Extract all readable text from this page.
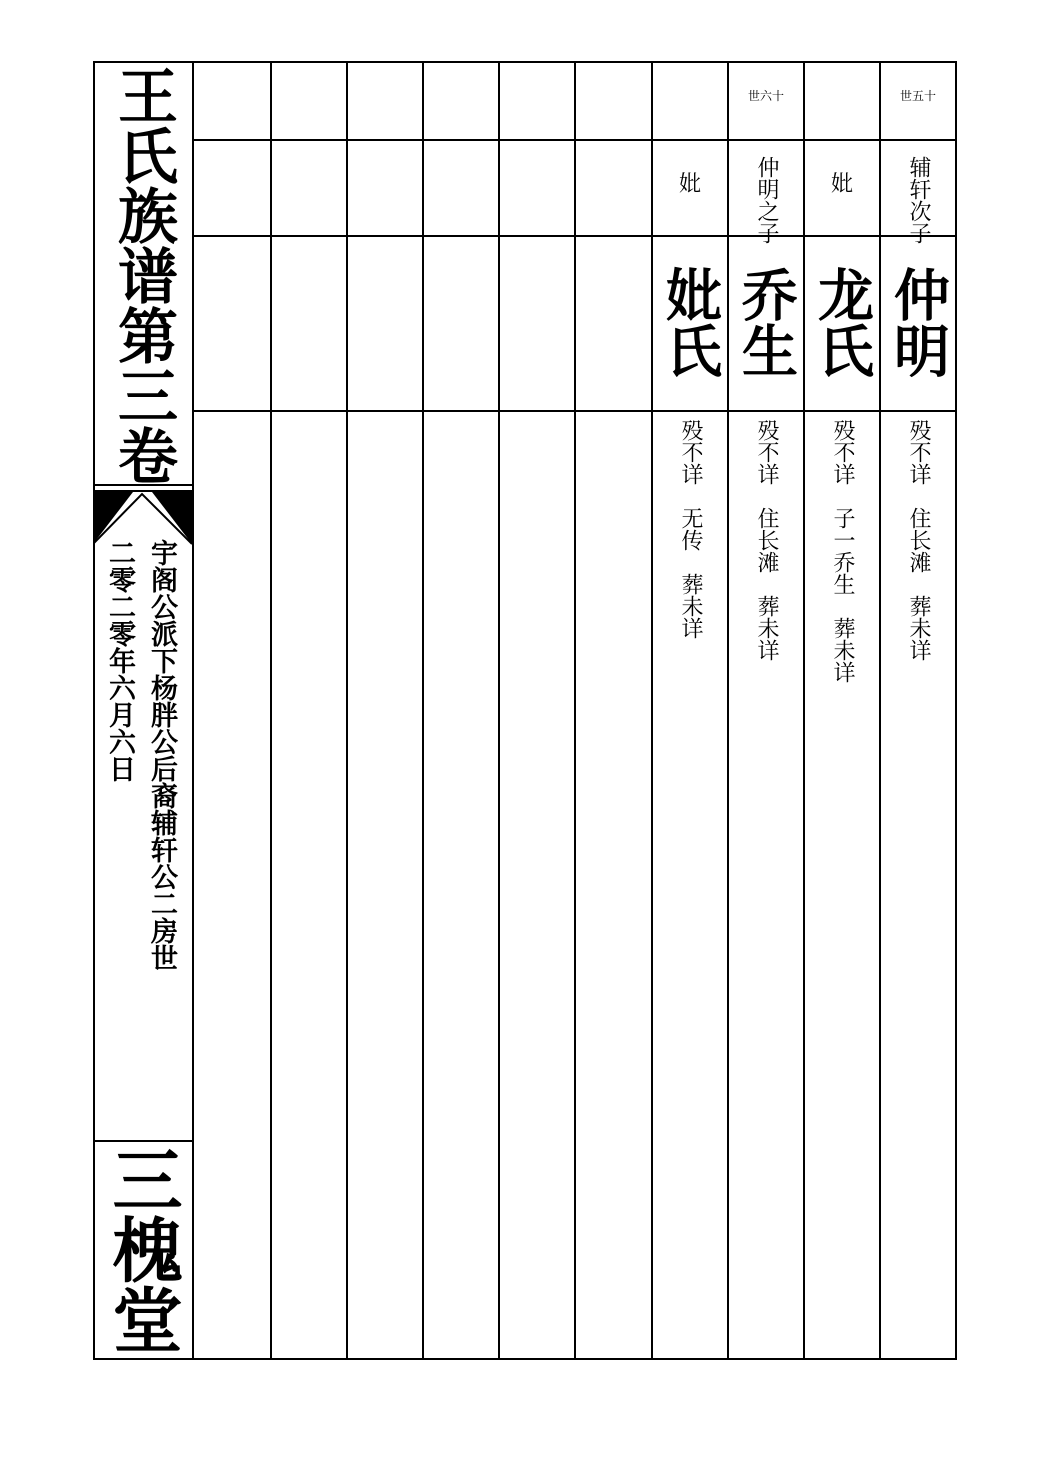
王氏族谱第三卷
宇阁公派下杨胖公后裔辅轩公二房世
二零二零年六月六日
三槐堂
世五十
辅轩次子
仲明
殁不详　住长滩　葬未详
妣
龙氏
殁不详　子一乔生　葬未详
世六十
仲明之子
乔生
殁不详　住长滩　葬未详
妣
妣氏
殁不详　无传　葬未详
